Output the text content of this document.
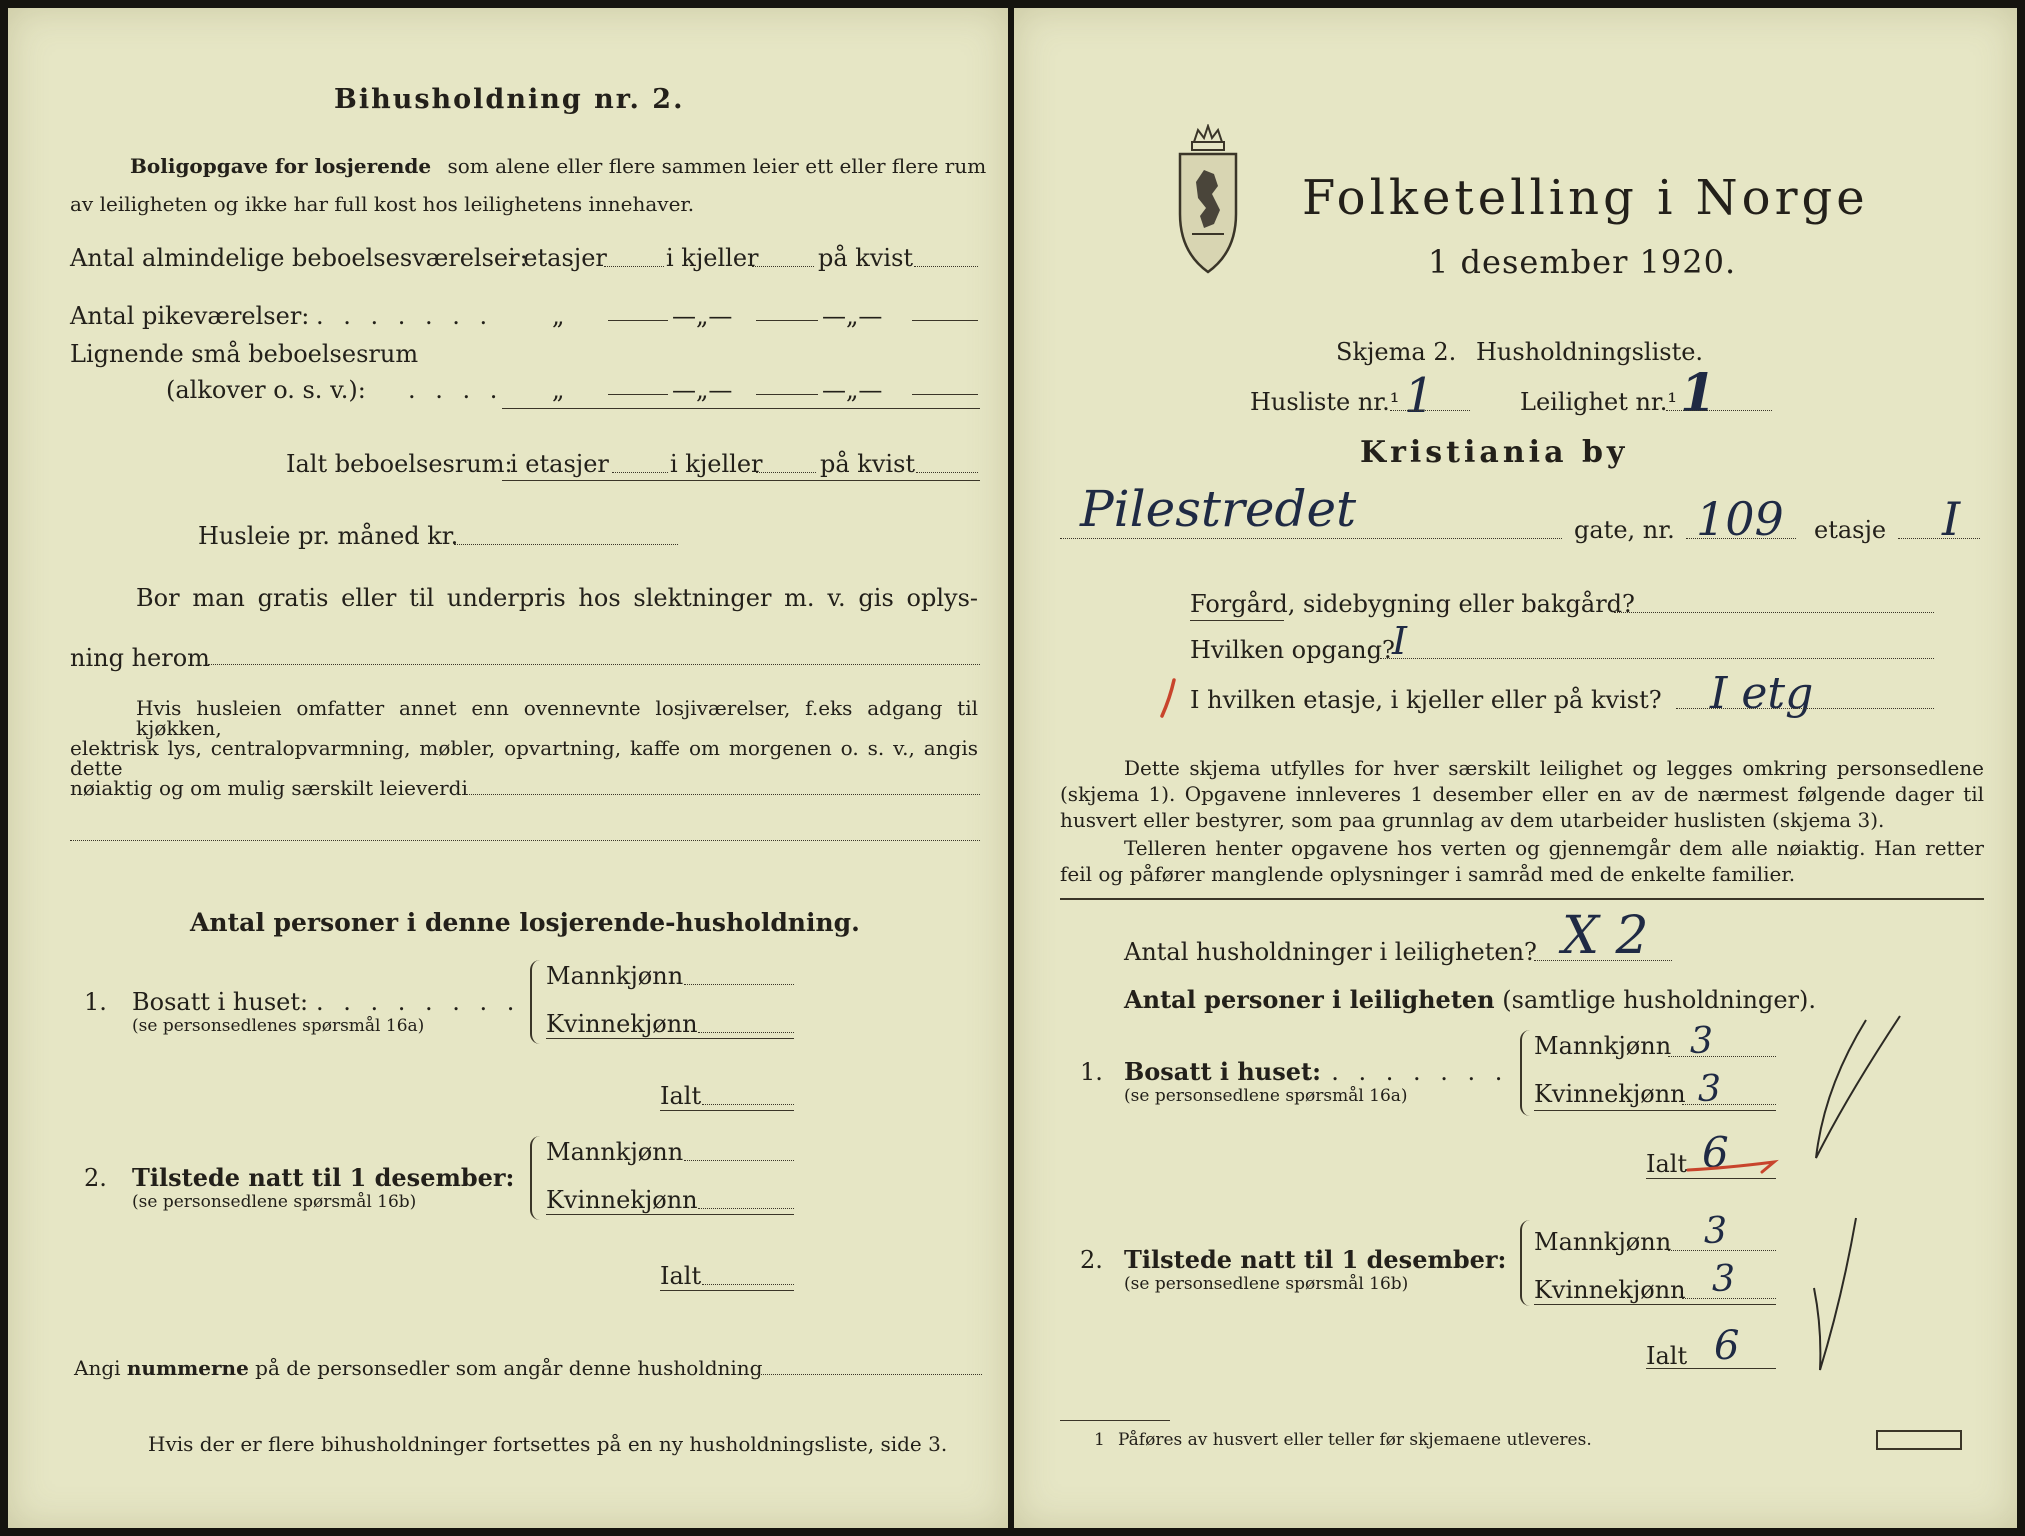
Bihusholdning nr. 2.
Boligopgave for losjerende som alene eller flere sammen leier ett eller flere rum
av leiligheten og ikke har full kost hos leilighetens innehaver.
Antal almindelige beboelsesværelser:
i etasjer i kjeller på kvist
Antal pikeværelser: . . . . . . . „	—„—	—„—
Lignende små beboelsesrum
(alkover o. s. v.): . . . . „	—„—	—„—
Ialt beboelsesrum:
i etasjer	i kjeller på kvist
Husleie pr. måned kr.
Bor man gratis eller til underpris hos slektninger m. v. gis oplys-
ning herom
Hvis husleien omfatter annet enn ovennevnte losjiværelser, f.eks adgang til kjøkken,
elektrisk lys, centralopvarmning, møbler, opvartning, kaffe om morgenen o. s. v., angis dette
nøiaktig og om mulig særskilt leieverdi
Antal personer i denne losjerende-husholdning.
1. Bosatt i huset: . . . . . . . .
(se personsedlenes spørsmål 16a)
Mannkjønn
Kvinnekjønn
Ialt
2. Tilstede natt til 1 desember:
(se personsedlene spørsmål 16b)
Mannkjønn
Kvinnekjønn
Ialt
Angi nummerne på de personsedler som angår denne husholdning
Hvis der er flere bihusholdninger fortsettes på en ny husholdningsliste, side 3.
Folketelling i Norge
1 desember 1920.
Skjema 2. Husholdningsliste.
Husliste nr.¹ 1	Leilighet nr.¹ 1
Kristiania by
Pilestredet	gate, nr. 109 etasje I
Forgård, sidebygning eller bakgård?
Hvilken opgang?
I
I hvilken etasje, i kjeller eller på kvist? I etg
Dette skjema utfylles for hver særskilt leilighet og legges omkring personsedlene
(skjema 1). Opgavene innleveres 1 desember eller en av de nærmest følgende dager til
husvert eller bestyrer, som paa grunnlag av dem utarbeider huslisten (skjema 3).
Telleren henter opgavene hos verten og gjennemgår dem alle nøiaktig. Han retter
feil og påfører manglende oplysninger i samråd med de enkelte familier.
Antal husholdninger i leiligheten? X 2
Antal personer i leiligheten (samtlige husholdninger).
1. Bosatt i huset:
. . . . . . . .
(se personsedlene spørsmål 16a)
Mannkjønn 3
Kvinnekjønn 3
Ialt 6
2. Tilstede natt til 1 desember:
(se personsedlene spørsmål 16b)
Mannkjønn 3
Kvinnekjønn 3
Ialt 6
1 Påføres av husvert eller teller før skjemaene utleveres.
